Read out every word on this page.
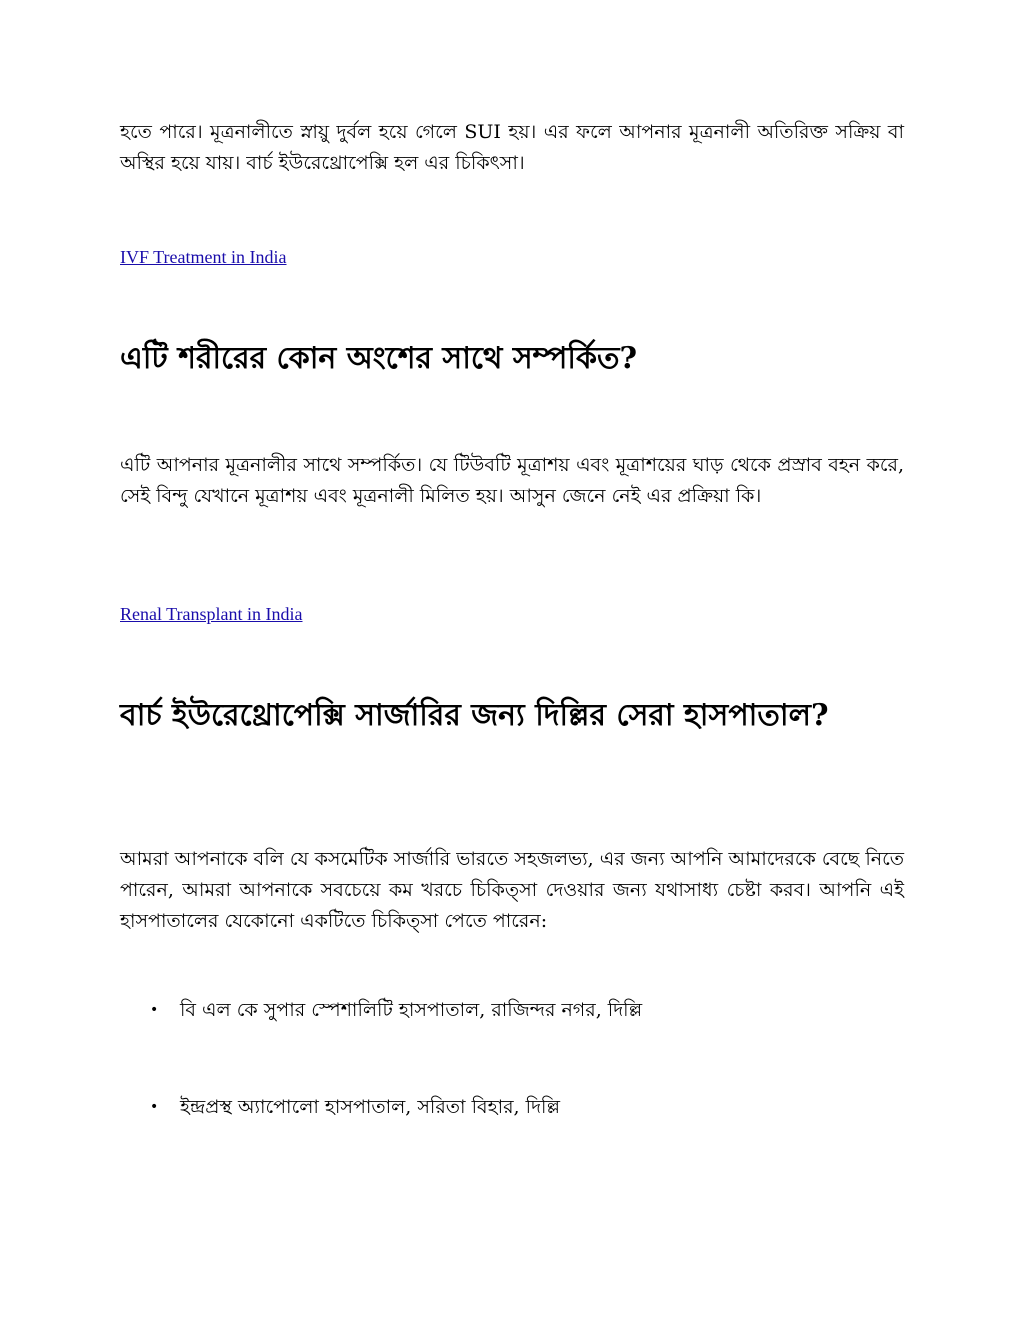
হতে পারে। মূত্রনালীতে স্নায়ু দুর্বল হয়ে গেলে SUI হয়। এর ফলে আপনার মূত্রনালী অতিরিক্ত সক্রিয় বা অস্থির হয়ে যায়। বার্চ ইউরেথ্রোপেক্সি হল এর চিকিৎসা।

IVF Treatment in India
এটি শরীরের কোন অংশের সাথে সম্পর্কিত?

এটি আপনার মূত্রনালীর সাথে সম্পর্কিত। যে টিউবটি মূত্রাশয় এবং মূত্রাশয়ের ঘাড় থেকে প্রস্রাব বহন করে, সেই বিন্দু যেখানে মূত্রাশয় এবং মূত্রনালী মিলিত হয়। আসুন জেনে নেই এর প্রক্রিয়া কি।

Renal Transplant in India
বার্চ ইউরেথ্রোপেক্সি সার্জারির জন্য দিল্লির সেরা হাসপাতাল?

আমরা আপনাকে বলি যে কসমেটিক সার্জারি ভারতে সহজলভ্য, এর জন্য আপনি আমাদেরকে বেছে নিতে পারেন, আমরা আপনাকে সবচেয়ে কম খরচে চিকিত্সা দেওয়ার জন্য যথাসাধ্য চেষ্টা করব। আপনি এই হাসপাতালের যেকোনো একটিতে চিকিত্সা পেতে পারেন:

• বি এল কে সুপার স্পেশালিটি হাসপাতাল, রাজিন্দর নগর, দিল্লি
• ইন্দ্রপ্রস্থ অ্যাপোলো হাসপাতাল, সরিতা বিহার, দিল্লি
